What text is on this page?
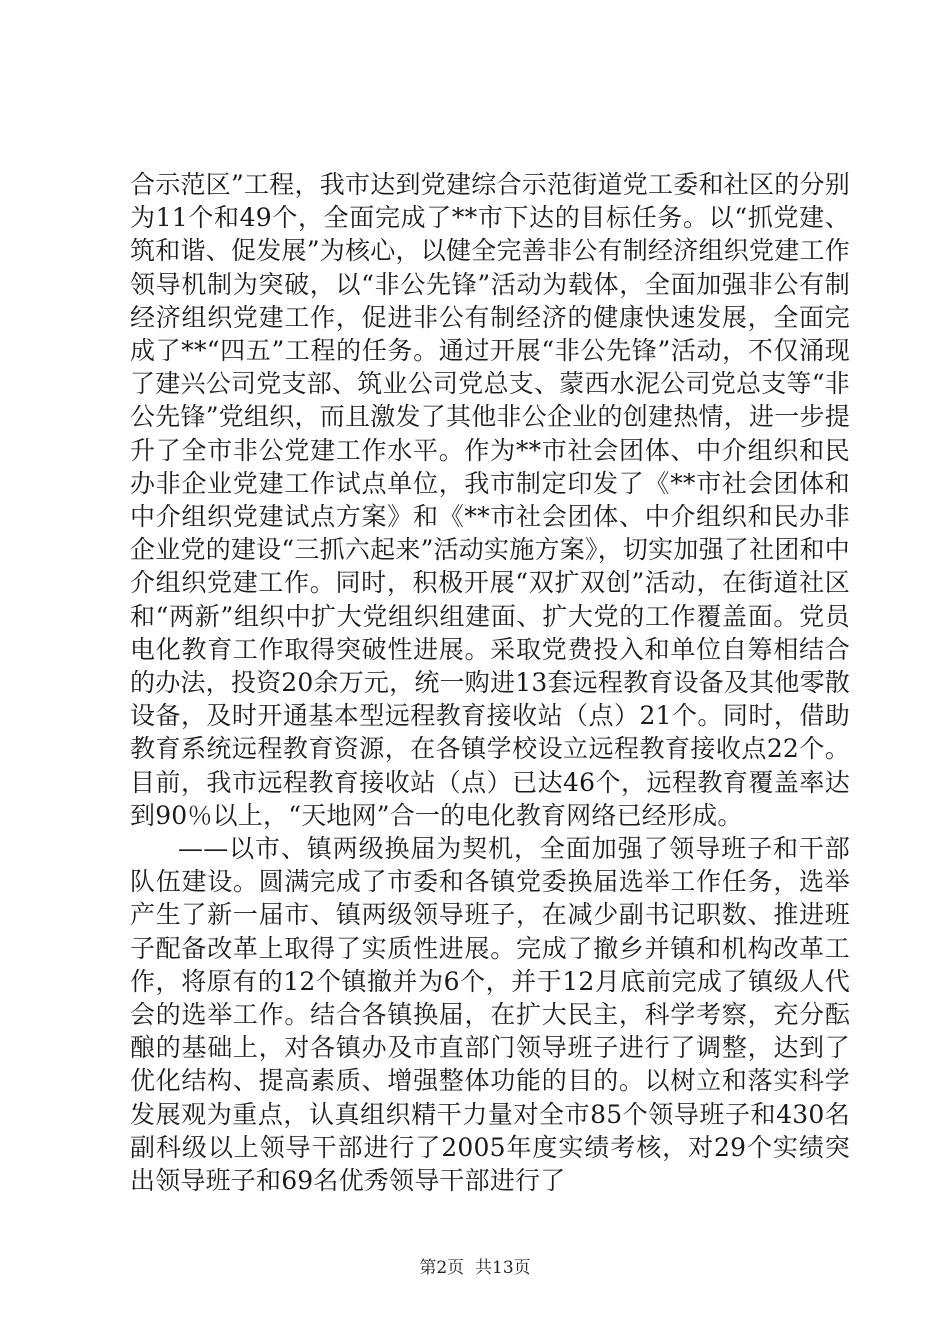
合示范区”工程，我市达到党建综合示范街道党工委和社区的分别为11个和49个，全面完成了**市下达的目标任务。以“抓党建、筑和谐、促发展”为核心，以健全完善非公有制经济组织党建工作领导机制为突破，以“非公先锋”活动为载体，全面加强非公有制经济组织党建工作，促进非公有制经济的健康快速发展，全面完成了**“四五”工程的任务。通过开展“非公先锋”活动，不仅涌现了建兴公司党支部、筑业公司党总支、蒙西水泥公司党总支等“非公先锋”党组织，而且激发了其他非公企业的创建热情，进一步提升了全市非公党建工作水平。作为**市社会团体、中介组织和民办非企业党建工作试点单位，我市制定印发了《**市社会团体和中介组织党建试点方案》和《**市社会团体、中介组织和民办非企业党的建设“三抓六起来”活动实施方案》，切实加强了社团和中介组织党建工作。同时，积极开展“双扩双创”活动，在街道社区和“两新”组织中扩大党组织组建面、扩大党的工作覆盖面。党员电化教育工作取得突破性进展。采取党费投入和单位自筹相结合的办法，投资20余万元，统一购进13套远程教育设备及其他零散设备，及时开通基本型远程教育接收站（点）21个。同时，借助教育系统远程教育资源，在各镇学校设立远程教育接收点22个。目前，我市远程教育接收站（点）已达46个，远程教育覆盖率达到90％以上，“天地网”合一的电化教育网络已经形成。

——以市、镇两级换届为契机，全面加强了领导班子和干部队伍建设。圆满完成了市委和各镇党委换届选举工作任务，选举产生了新一届市、镇两级领导班子，在减少副书记职数、推进班子配备改革上取得了实质性进展。完成了撤乡并镇和机构改革工作，将原有的12个镇撤并为6个，并于12月底前完成了镇级人代会的选举工作。结合各镇换届，在扩大民主，科学考察，充分酝酿的基础上，对各镇办及市直部门领导班子进行了调整，达到了优化结构、提高素质、增强整体功能的目的。以树立和落实科学发展观为重点，认真组织精干力量对全市85个领导班子和430名副科级以上领导干部进行了2005年度实绩考核，对29个实绩突出领导班子和69名优秀领导干部进行了

第2页 共13页
